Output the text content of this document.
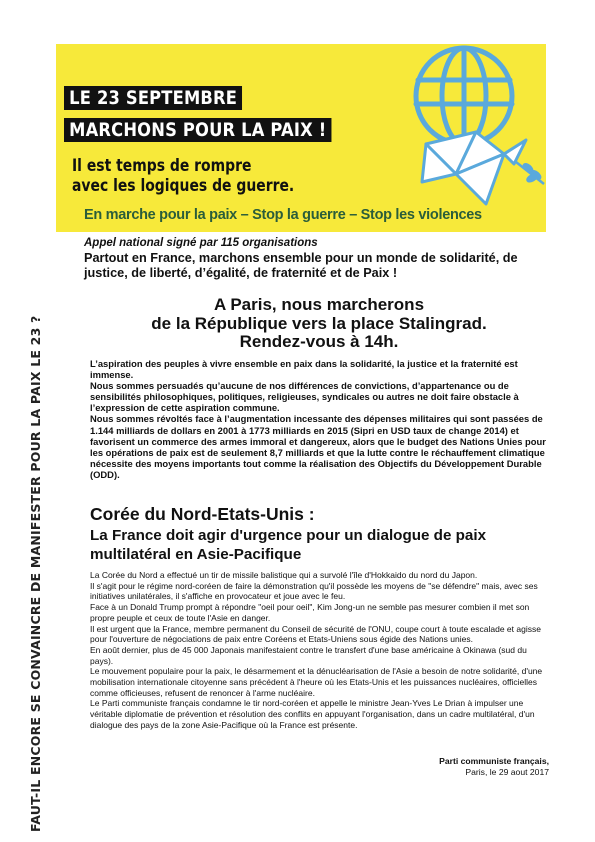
LE 23 SEPTEMBRE
MARCHONS POUR LA PAIX !
Il est temps de rompre
avec les logiques de guerre.
En marche pour la paix – Stop la guerre – Stop les violences
FAUT-IL ENCORE SE CONVAINCRE DE MANIFESTER POUR LA PAIX LE 23 ?
Appel national signé par 115 organisations
Partout en France, marchons ensemble pour un monde de solidarité, de justice, de liberté, d’égalité, de fraternité et de Paix !
A Paris, nous marcherons
de la République vers la place Stalingrad.
Rendez-vous à 14h.

L’aspiration des peuples à vivre ensemble en paix dans la solidarité, la justice et la fraternité est immense.

Nous sommes persuadés qu’aucune de nos différences de convictions, d’appartenance ou de sensibilités philosophiques, politiques, religieuses, syndicales ou autres ne doit faire obstacle à l’expression de cette aspiration commune.

Nous sommes révoltés face à l’augmentation incessante des dépenses militaires qui sont passées de 1.144 milliards de dollars en 2001 à 1773 milliards en 2015 (Sipri en USD taux de change 2014) et favorisent un commerce des armes immoral et dangereux, alors que le budget des Nations Unies pour les opérations de paix est de seulement 8,7 milliards et que la lutte contre le réchauffement climatique nécessite des moyens importants tout comme la réalisation des Objectifs du Développement Durable (ODD).

Corée du Nord-Etats-Unis :
La France doit agir d'urgence pour un dialogue de paix multilatéral en Asie-Pacifique

La Corée du Nord a effectué un tir de missile balistique qui a survolé l'île d'Hokkaido du nord du Japon.

Il s'agit pour le régime nord-coréen de faire la démonstration qu'il possède les moyens de "se défendre" mais, avec ses initiatives unilatérales, il s'affiche en provocateur et joue avec le feu.

Face à un Donald Trump prompt à répondre "oeil pour oeil", Kim Jong-un ne semble pas mesurer combien il met son propre peuple et ceux de toute l'Asie en danger.

Il est urgent que la France, membre permanent du Conseil de sécurité de l'ONU, coupe court à toute escalade et agisse pour l'ouverture de négociations de paix entre Coréens et Etats-Uniens sous égide des Nations unies.

En août dernier, plus de 45 000 Japonais manifestaient contre le transfert d'une base américaine à Okinawa (sud du pays).

Le mouvement populaire pour la paix, le désarmement et la dénucléarisation de l'Asie a besoin de notre solidarité, d'une mobilisation internationale citoyenne sans précédent à l'heure où les Etats-Unis et les puissances nucléaires, officielles comme officieuses, refusent de renoncer à l'arme nucléaire.

Le Parti communiste français condamne le tir nord-coréen et appelle le ministre Jean-Yves Le Drian à impulser une véritable diplomatie de prévention et résolution des conflits en appuyant l'organisation, dans un cadre multilatéral, d'un dialogue des pays de la zone Asie-Pacifique où la France est présente.

Parti communiste français,
Paris, le 29 aout 2017
